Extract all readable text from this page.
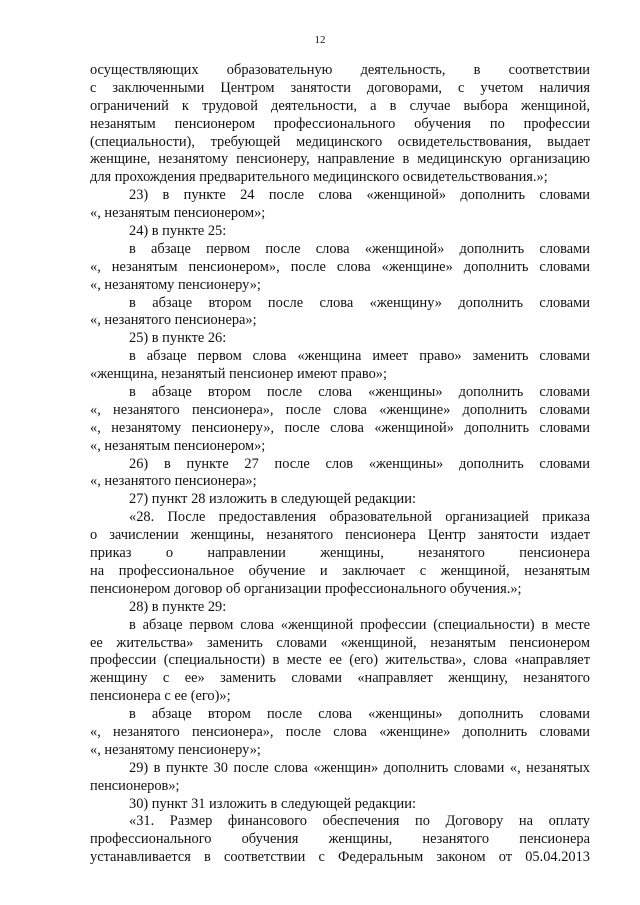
12
осуществляющих образовательную деятельность, в соответствии
с заключенными Центром занятости договорами, с учетом наличия
ограничений к трудовой деятельности, а в случае выбора женщиной,
незанятым пенсионером профессионального обучения по профессии
(специальности), требующей медицинского освидетельствования, выдает
женщине, незанятому пенсионеру, направление в медицинскую организацию
для прохождения предварительного медицинского освидетельствования.»;
23) в пункте 24 после слова «женщиной» дополнить словами
«, незанятым пенсионером»;
24) в пункте 25:
в абзаце первом после слова «женщиной» дополнить словами
«, незанятым пенсионером», после слова «женщине» дополнить словами
«, незанятому пенсионеру»;
в абзаце втором после слова «женщину» дополнить словами
«, незанятого пенсионера»;
25) в пункте 26:
в абзаце первом слова «женщина имеет право» заменить словами
«женщина, незанятый пенсионер имеют право»;
в абзаце втором после слова «женщины» дополнить словами
«, незанятого пенсионера», после слова «женщине» дополнить словами
«, незанятому пенсионеру», после слова «женщиной» дополнить словами
«, незанятым пенсионером»;
26) в пункте 27 после слов «женщины» дополнить словами
«, незанятого пенсионера»;
27) пункт 28 изложить в следующей редакции:
«28. После предоставления образовательной организацией приказа
о зачислении женщины, незанятого пенсионера Центр занятости издает
приказ о направлении женщины, незанятого пенсионера
на профессиональное обучение и заключает с женщиной, незанятым
пенсионером договор об организации профессионального обучения.»;
28) в пункте 29:
в абзаце первом слова «женщиной профессии (специальности) в месте
ее жительства» заменить словами «женщиной, незанятым пенсионером
профессии (специальности) в месте ее (его) жительства», слова «направляет
женщину с ее» заменить словами «направляет женщину, незанятого
пенсионера с ее (его)»;
в абзаце втором после слова «женщины» дополнить словами
«, незанятого пенсионера», после слова «женщине» дополнить словами
«, незанятому пенсионеру»;
29) в пункте 30 после слова «женщин» дополнить словами «, незанятых
пенсионеров»;
30) пункт 31 изложить в следующей редакции:
«31. Размер финансового обеспечения по Договору на оплату
профессионального обучения женщины, незанятого пенсионера
устанавливается в соответствии с Федеральным законом от 05.04.2013
